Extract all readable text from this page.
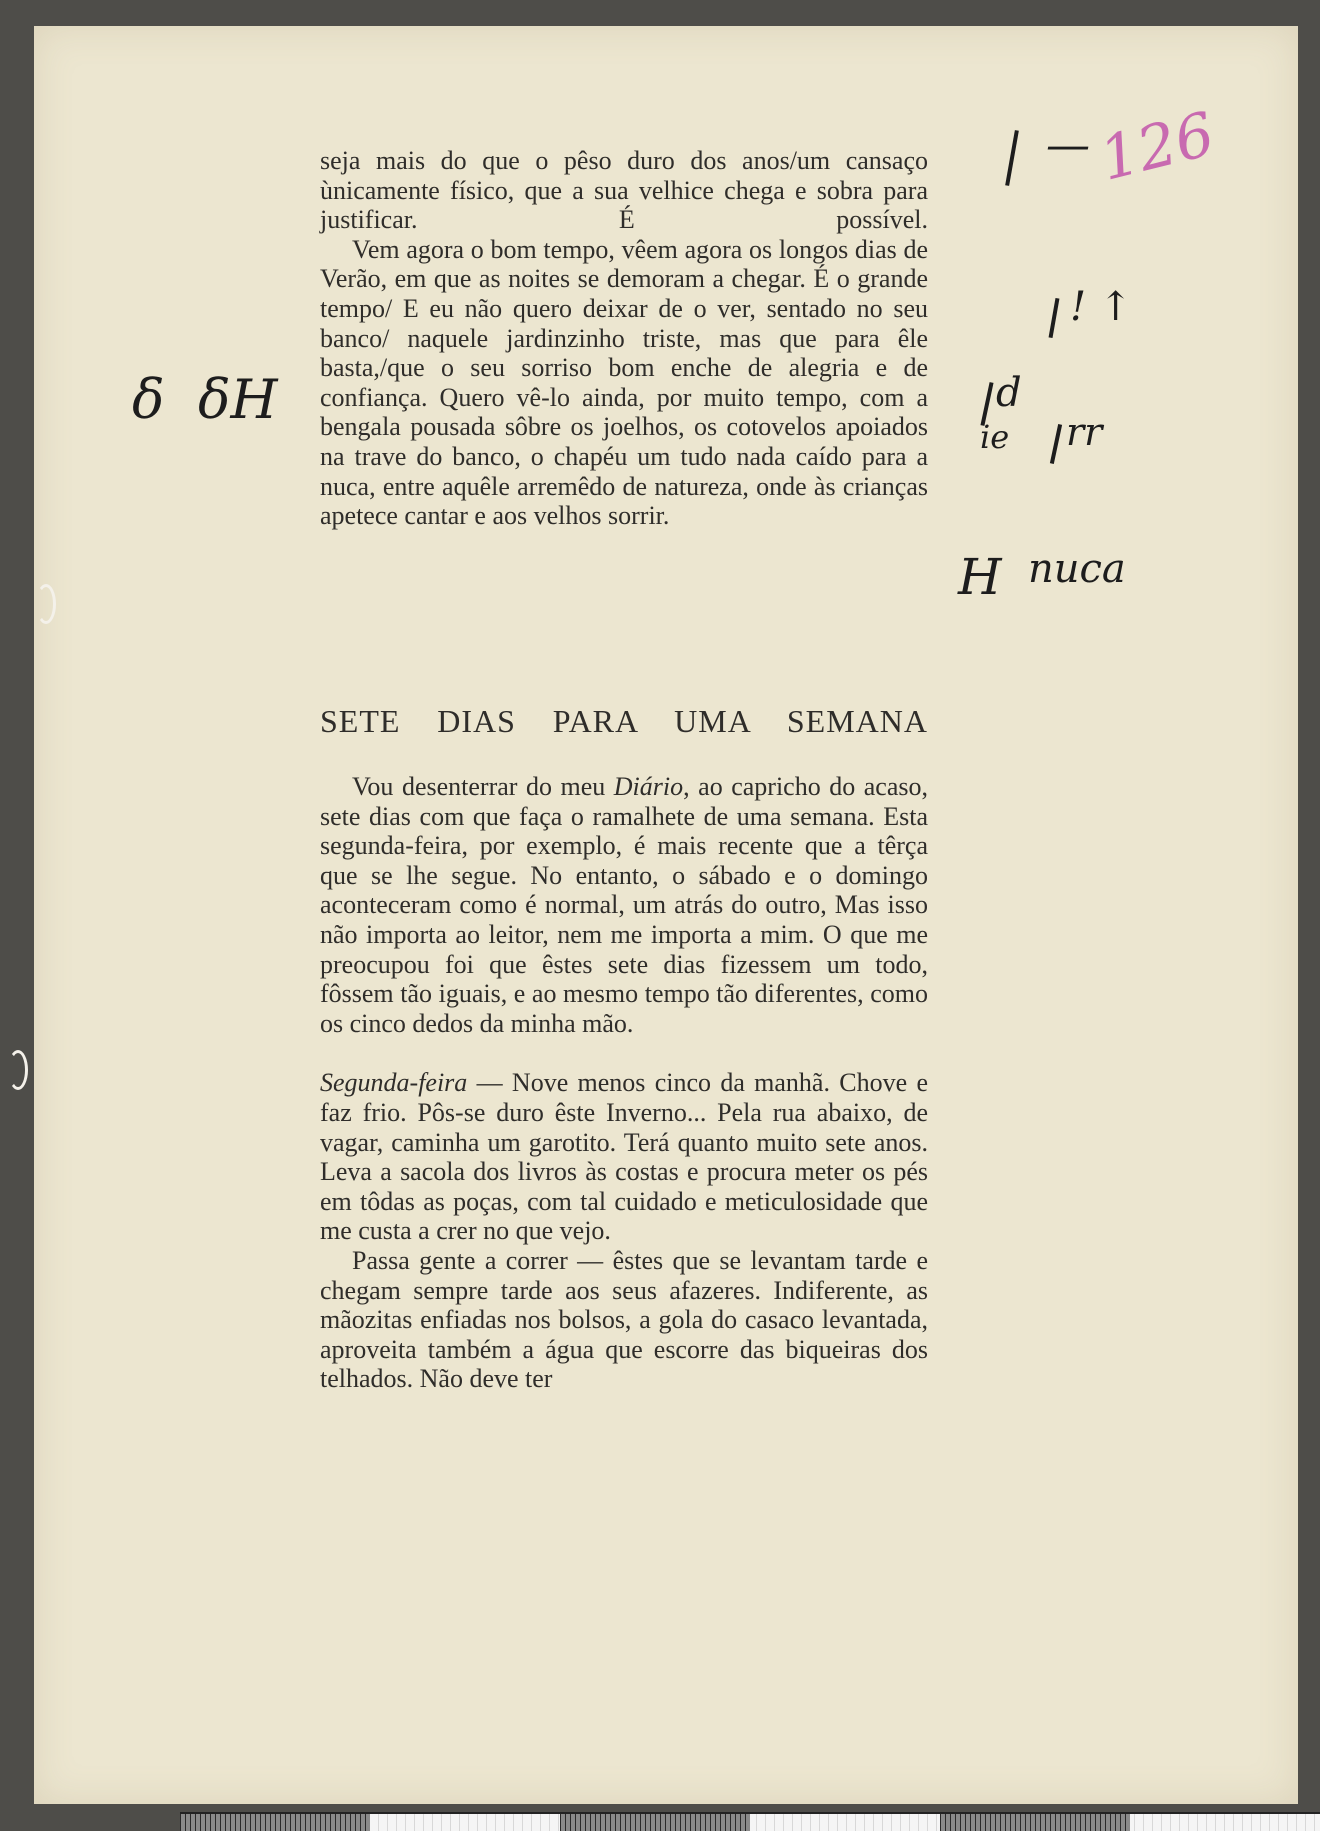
seja mais do que o pêso duro dos anos/um cansaço ùnicamente físico, que a sua velhice chega e sobra para justificar. É possível.

Vem agora o bom tempo, vêem agora os longos dias de Verão, em que as noites se demoram a chegar. É o grande tempo/ E eu não quero deixar de o ver, sentado no seu banco/ naquele jardinzinho triste, mas que para êle basta,/que o seu sorriso bom enche de alegria e de confiança. Quero vê-lo ainda, por muito tempo, com a bengala pousada sôbre os joelhos, os cotovelos apoiados na trave do banco, o chapéu um tudo nada caído para a nuca, entre aquêle arremêdo de natureza, onde às crianças apetece cantar e aos velhos sorrir.

SETE DIAS PARA UMA SEMANA

Vou desenterrar do meu Diário, ao capricho do acaso, sete dias com que faça o ramalhete de uma semana. Esta segunda-feira, por exemplo, é mais recente que a têrça que se lhe segue. No entanto, o sábado e o domingo aconteceram como é normal, um atrás do outro, Mas isso não importa ao leitor, nem me importa a mim. O que me preocupou foi que êstes sete dias fizessem um todo, fôssem tão iguais, e ao mesmo tempo tão diferentes, como os cinco dedos da minha mão.

Segunda-feira — Nove menos cinco da manhã. Chove e faz frio. Pôs-se duro êste Inverno... Pela rua abaixo, de vagar, caminha um garotito. Terá quanto muito sete anos. Leva a sacola dos livros às costas e procura meter os pés em tôdas as poças, com tal cuidado e meticulosidade que me custa a crer no que vejo.

Passa gente a correr — êstes que se levantam tarde e chegam sempre tarde aos seus afazeres. Indiferente, as mãozitas enfiadas nos bolsos, a gola do casaco levantada, aproveita também a água que escorre das biqueiras dos telhados. Não deve ter

δ δH
— 126
! ↑
d
ie rr
H nuca
